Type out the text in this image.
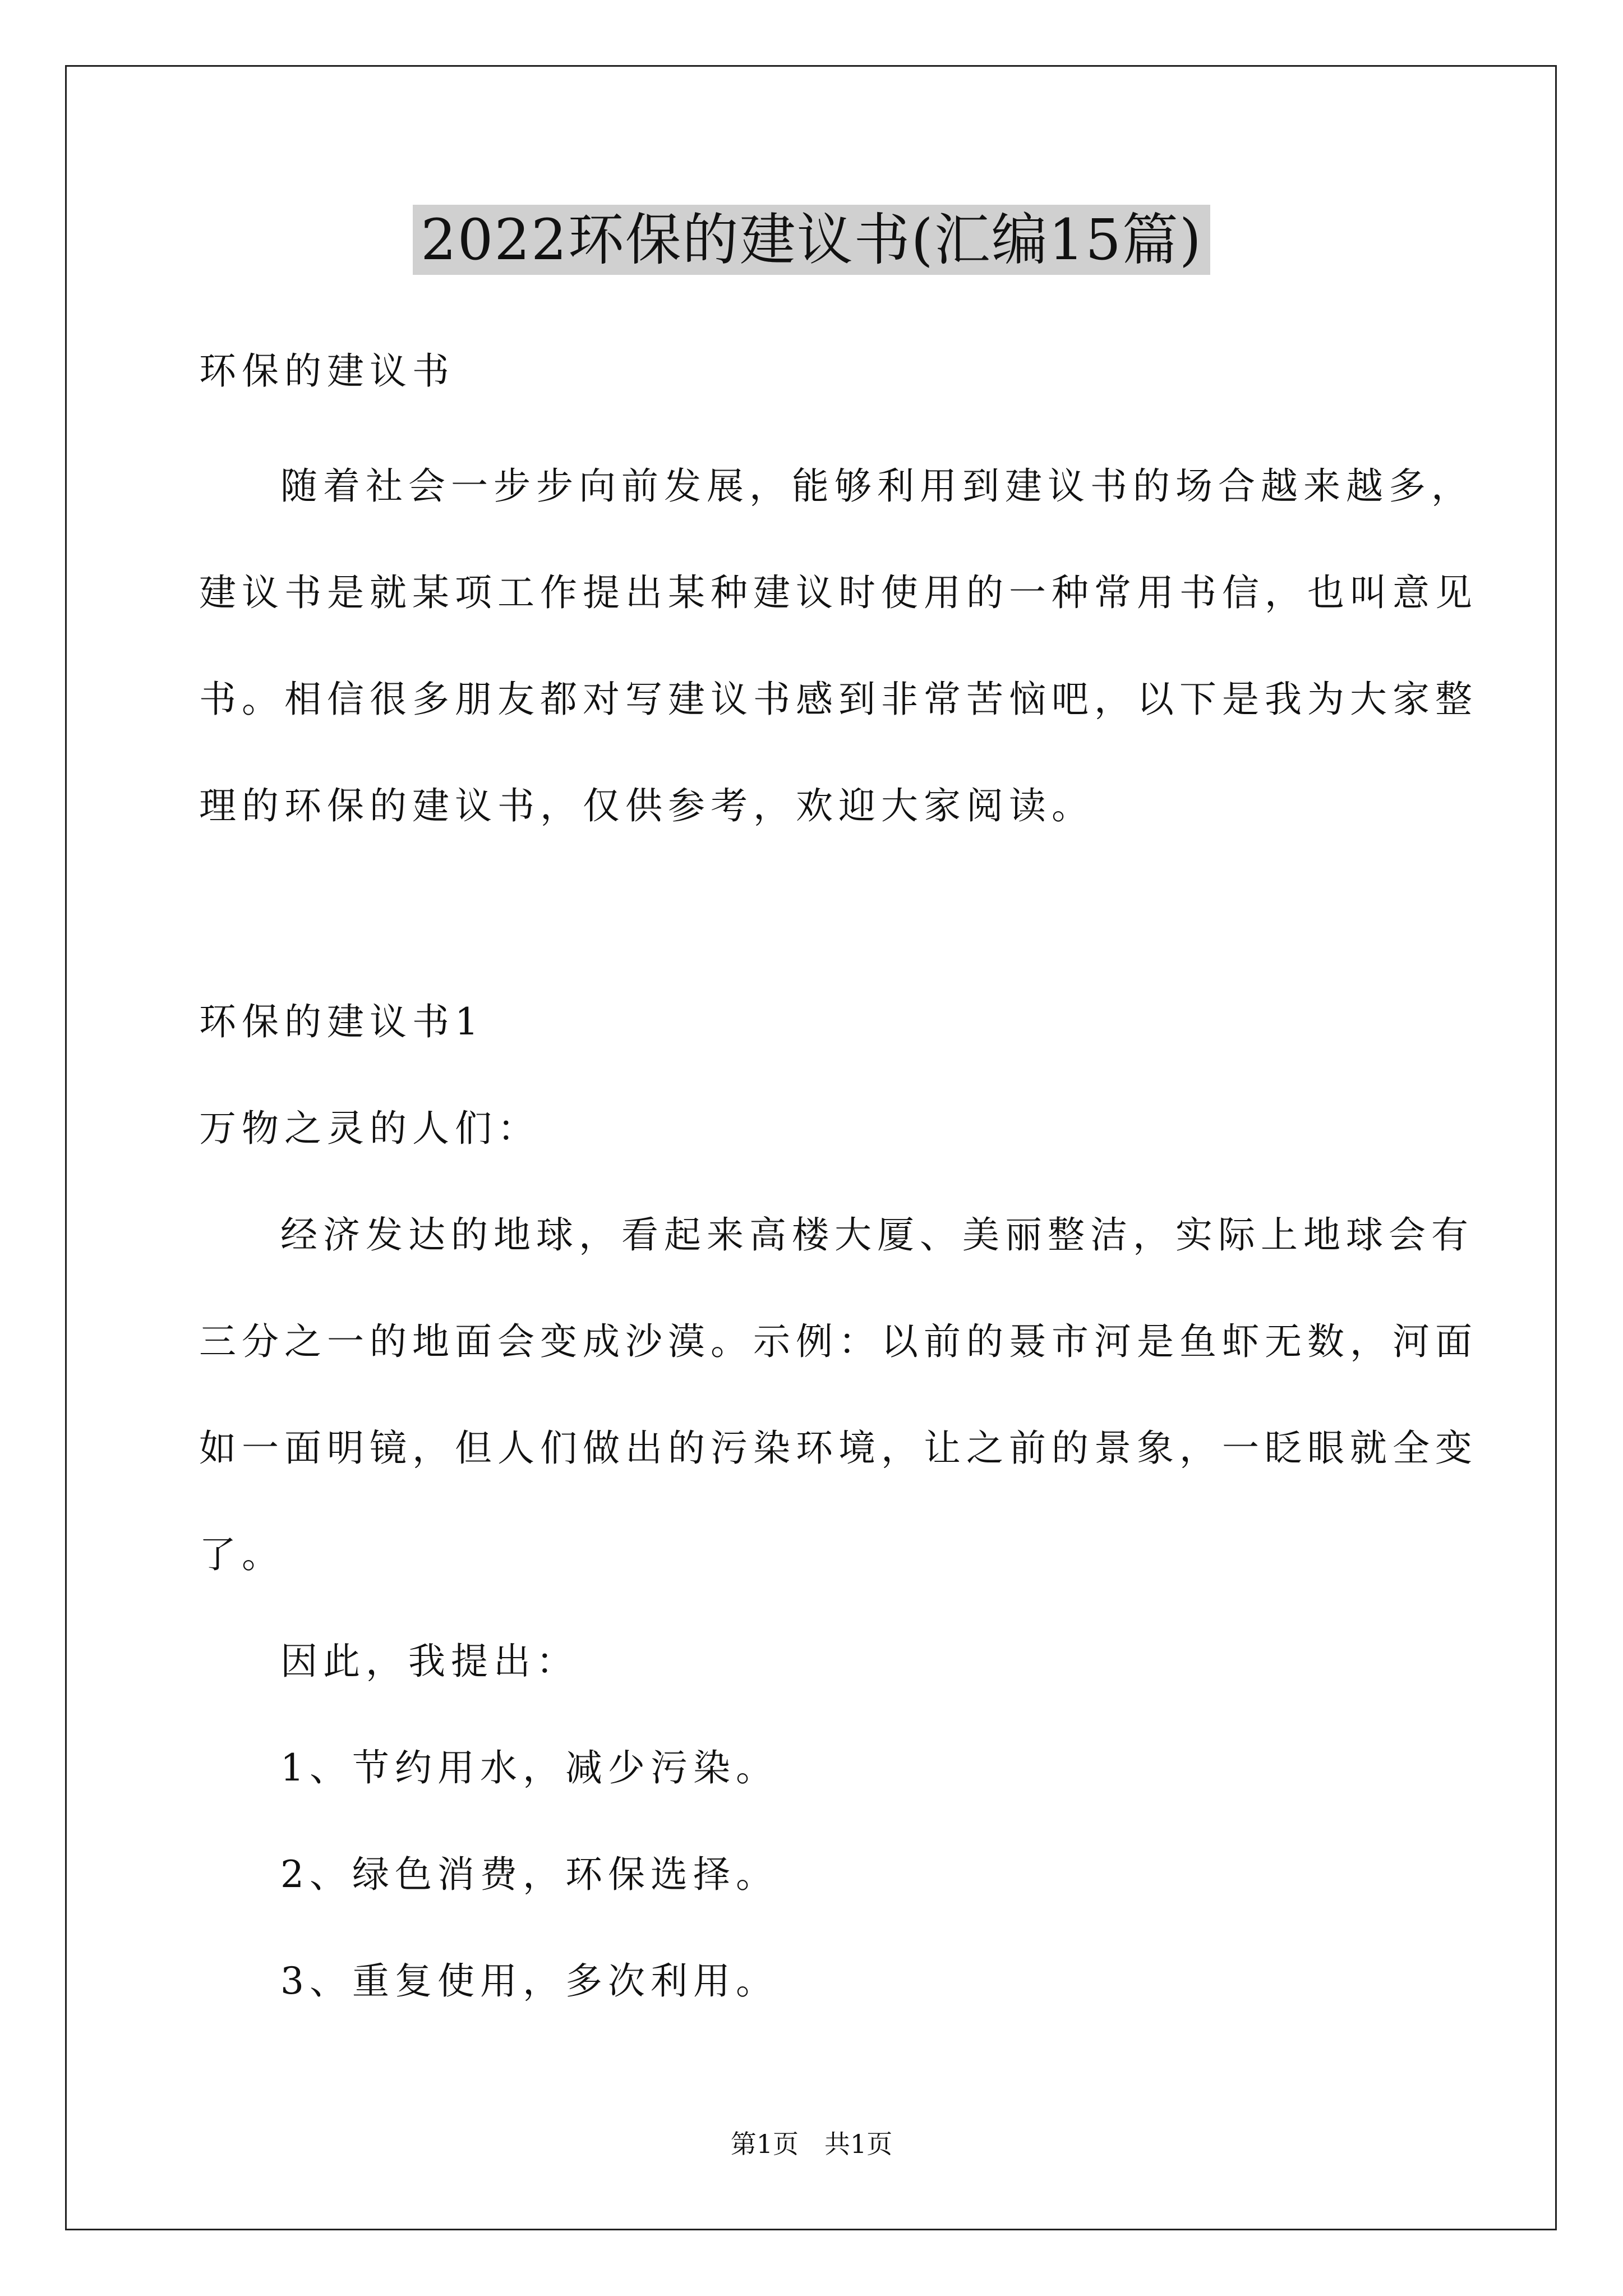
2022环保的建议书(汇编15篇)
环保的建议书
随着社会一步步向前发展，能够利用到建议书的场合越来越多，
建议书是就某项工作提出某种建议时使用的一种常用书信，也叫意见
书。相信很多朋友都对写建议书感到非常苦恼吧，以下是我为大家整
理的环保的建议书，仅供参考，欢迎大家阅读。
环保的建议书1
万物之灵的人们：
经济发达的地球，看起来高楼大厦、美丽整洁，实际上地球会有
三分之一的地面会变成沙漠。示例：以前的聂市河是鱼虾无数，河面
如一面明镜，但人们做出的污染环境，让之前的景象，一眨眼就全变
了。
因此，我提出：
1、节约用水，减少污染。
2、绿色消费，环保选择。
3、重复使用，多次利用。
第1页　共1页
